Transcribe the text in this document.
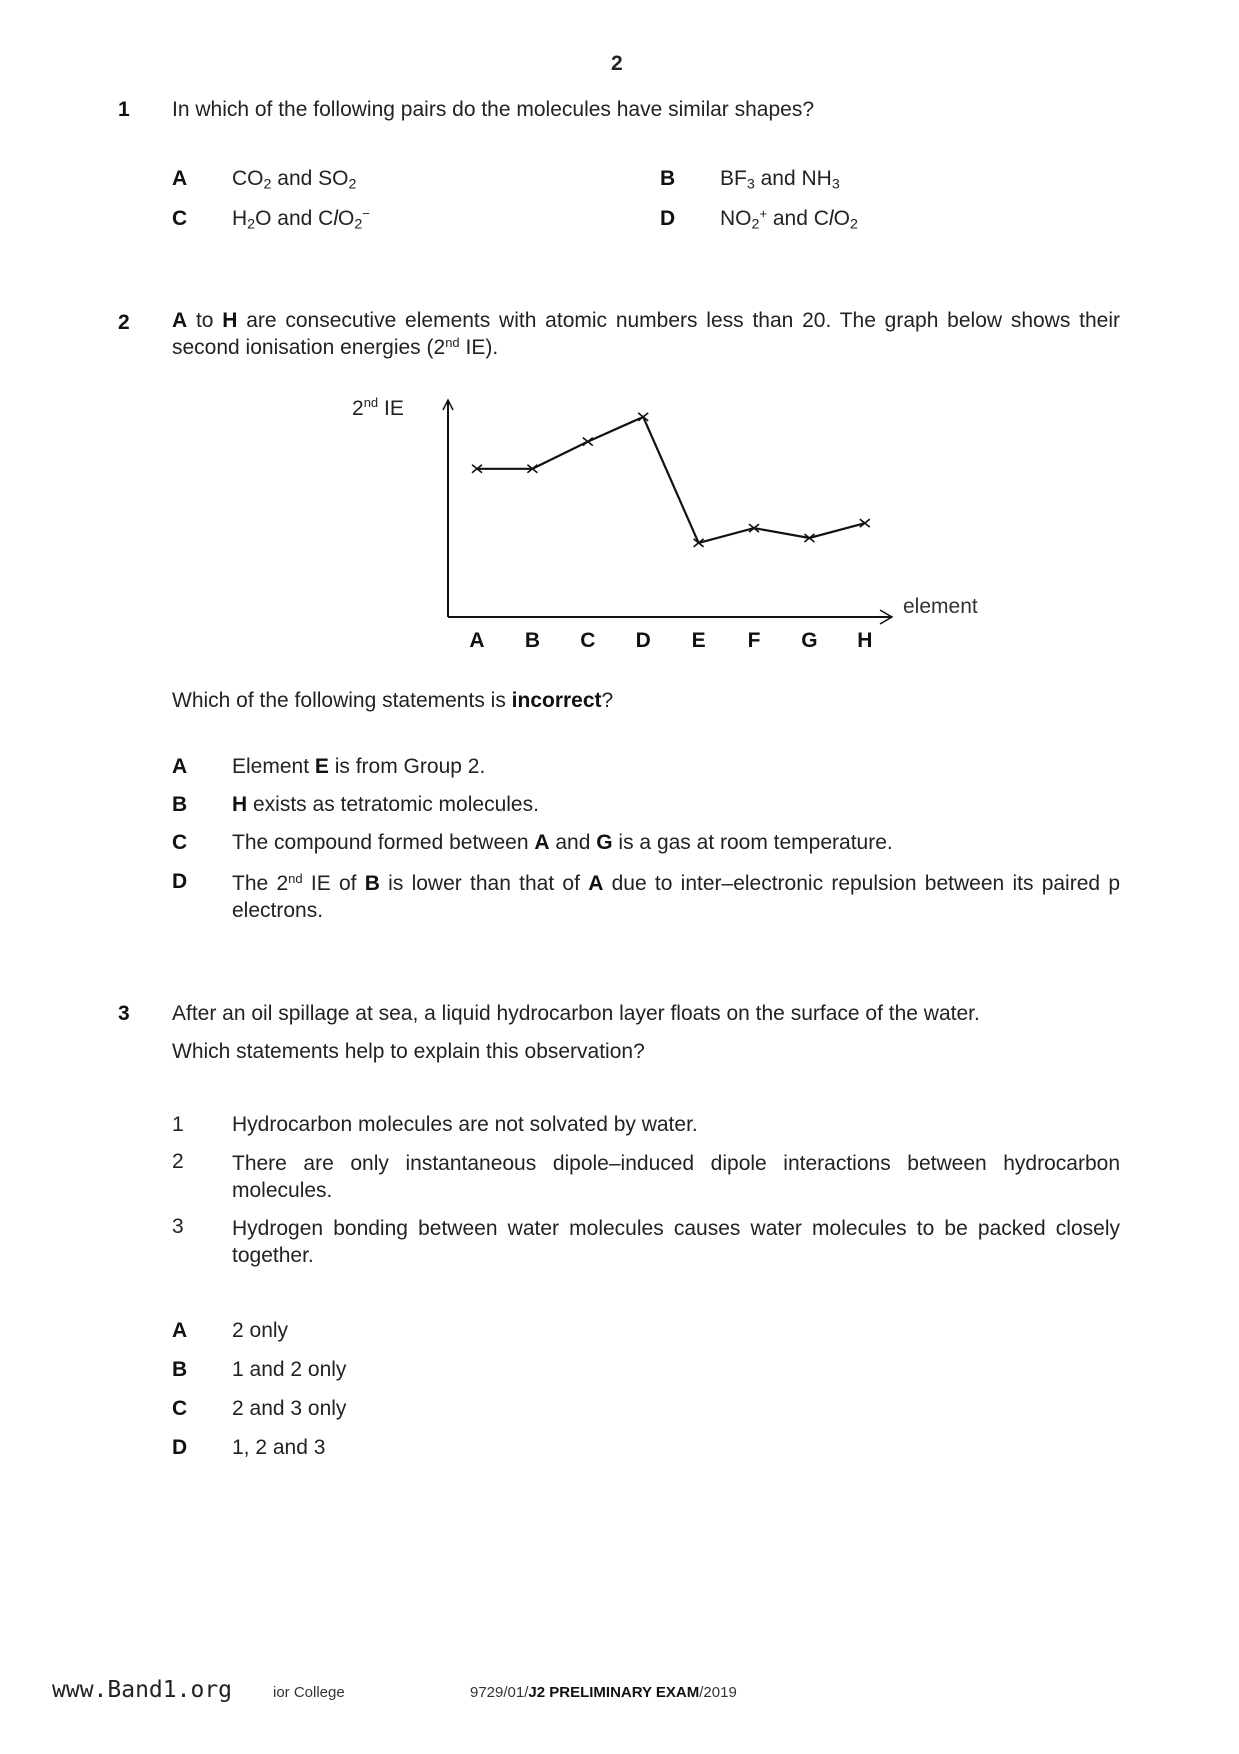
2
1 In which of the following pairs do the molecules have similar shapes?
A $CO_2$ and $SO_2$	B $BF_3$ and $NH_3$
C $H_2O$ and ClO$_2$−	D $NO_2^+$ and ClO$_2$
2 A to H are consecutive elements with atomic numbers less than 20. The graph below shows their second ionisation energies (2nd IE).
2nd IE
element
A B C D E F G H
Which of the following statements is incorrect?
A Element E is from Group 2.
B H exists as tetratomic molecules.
C The compound formed between A and G is a gas at room temperature.
D The 2nd IE of B is lower than that of A due to inter–electronic repulsion between its paired p electrons.
3 After an oil spillage at sea, a liquid hydrocarbon layer floats on the surface of the water.
Which statements help to explain this observation?
1 Hydrocarbon molecules are not solvated by water.
2 There are only instantaneous dipole–induced dipole interactions between hydrocarbon molecules.
3 Hydrogen bonding between water molecules causes water molecules to be packed closely together.
A 2 only
B 1 and 2 only
C 2 and 3 only
D 1, 2 and 3
www.Band1.org	ior College	9729/01/J2 PRELIMINARY EXAM/2019
